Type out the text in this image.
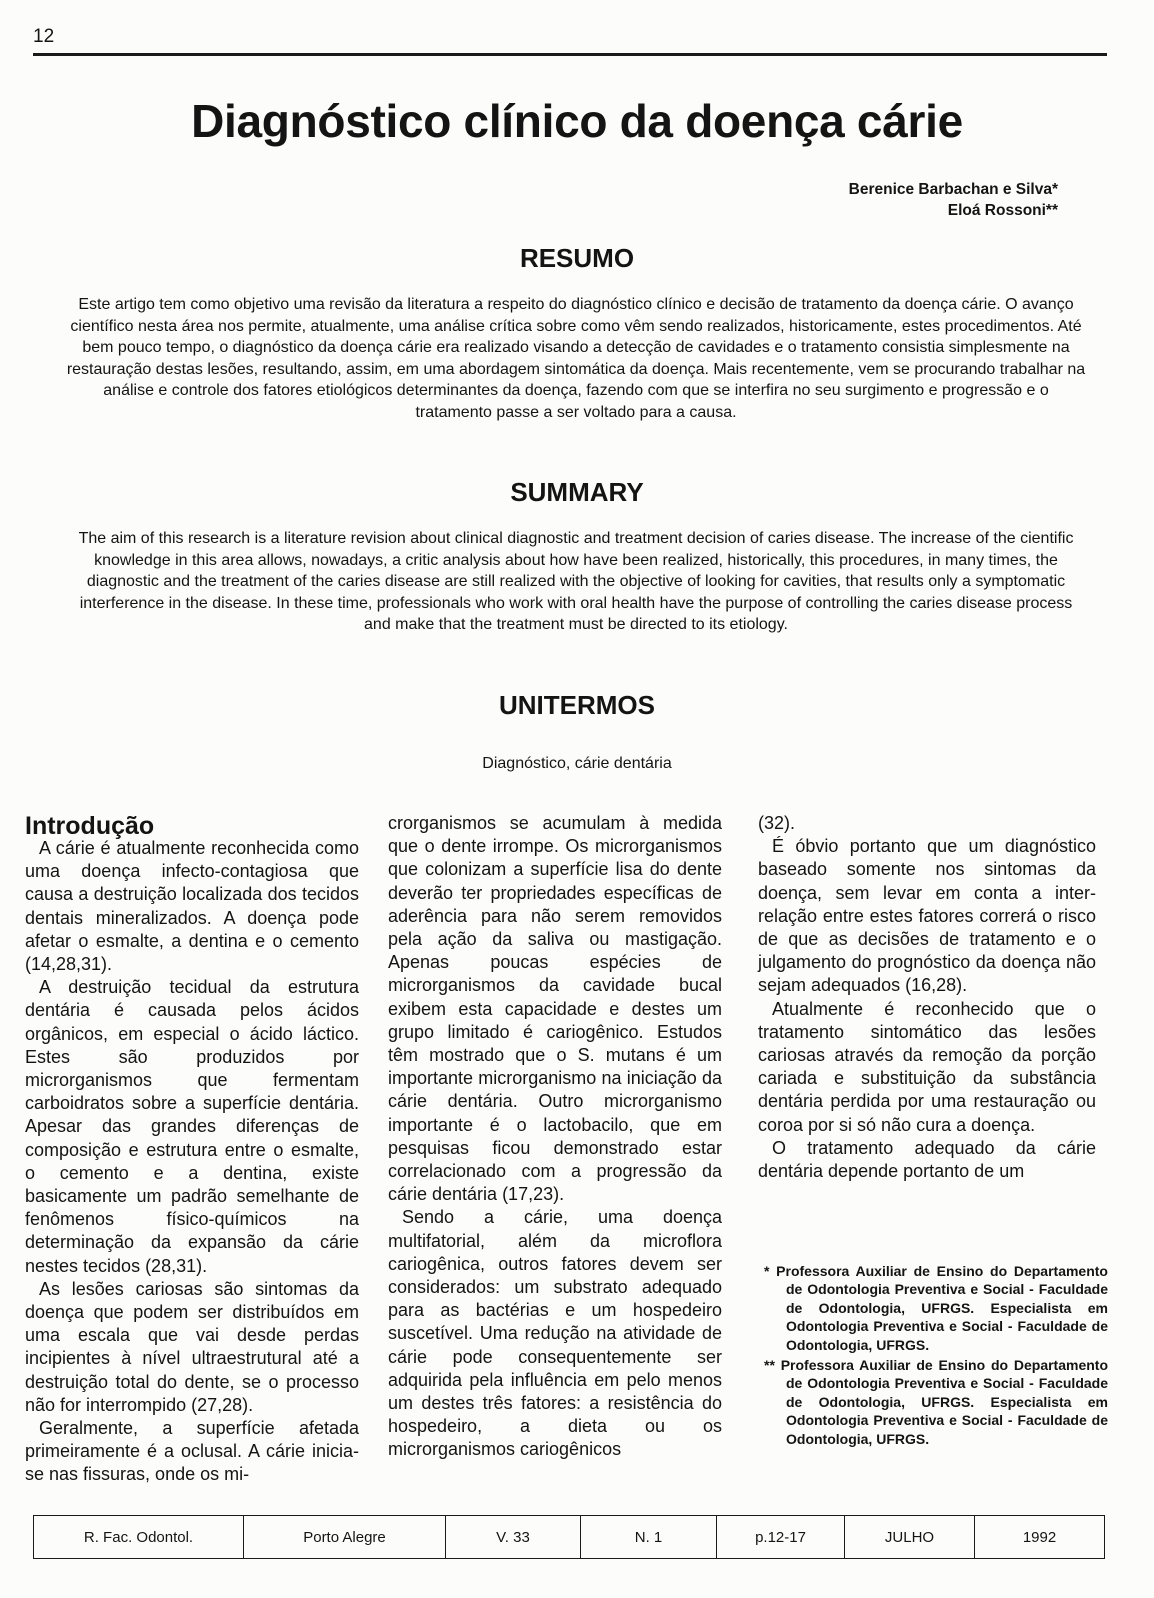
12
Diagnóstico clínico da doença cárie
Berenice Barbachan e Silva*
Eloá Rossoni**
RESUMO

Este artigo tem como objetivo uma revisão da literatura a respeito do diagnóstico clínico e decisão de tratamento da doença cárie. O avanço científico nesta área nos permite, atualmente, uma análise crítica sobre como vêm sendo realizados, historicamente, estes procedimentos. Até bem pouco tempo, o diagnóstico da doença cárie era realizado visando a detecção de cavidades e o tratamento consistia simplesmente na restauração destas lesões, resultando, assim, em uma abordagem sintomática da doença. Mais recentemente, vem se procurando trabalhar na análise e controle dos fatores etiológicos determinantes da doença, fazendo com que se interfira no seu surgimento e progressão e o tratamento passe a ser voltado para a causa.

SUMMARY

The aim of this research is a literature revision about clinical diagnostic and treatment decision of caries disease. The increase of the cientific knowledge in this area allows, nowadays, a critic analysis about how have been realized, historically, this procedures, in many times, the diagnostic and the treatment of the caries disease are still realized with the objective of looking for cavities, that results only a symptomatic interference in the disease. In these time, professionals who work with oral health have the purpose of controlling the caries disease process and make that the treatment must be directed to its etiology.

UNITERMOS
Diagnóstico, cárie dentária
Introdução

A cárie é atualmente reconhecida como uma doença infecto-contagiosa que causa a destruição localizada dos tecidos dentais mineralizados. A doença pode afetar o esmalte, a dentina e o cemento (14,28,31).

A destruição tecidual da estrutura dentária é causada pelos ácidos orgânicos, em especial o ácido láctico. Estes são produzidos por microrganismos que fermentam carboidratos sobre a superfície dentária. Apesar das grandes diferenças de composição e estrutura entre o esmalte, o cemento e a dentina, existe basicamente um padrão semelhante de fenômenos físico-químicos na determinação da expansão da cárie nestes tecidos (28,31).

As lesões cariosas são sintomas da doença que podem ser distribuídos em uma escala que vai desde perdas incipientes à nível ultraestrutural até a destruição total do dente, se o processo não for interrompido (27,28).

Geralmente, a superfície afetada primeiramente é a oclusal. A cárie inicia-se nas fissuras, onde os mi-

crorganismos se acumulam à medida que o dente irrompe. Os microrganismos que colonizam a superfície lisa do dente deverão ter propriedades específicas de aderência para não serem removidos pela ação da saliva ou mastigação. Apenas poucas espécies de microrganismos da cavidade bucal exibem esta capacidade e destes um grupo limitado é cariogênico. Estudos têm mostrado que o S. mutans é um importante microrganismo na iniciação da cárie dentária. Outro microrganismo importante é o lactobacilo, que em pesquisas ficou demonstrado estar correlacionado com a progressão da cárie dentária (17,23).

Sendo a cárie, uma doença multifatorial, além da microflora cariogênica, outros fatores devem ser considerados: um substrato adequado para as bactérias e um hospedeiro suscetível. Uma redução na atividade de cárie pode consequentemente ser adquirida pela influência em pelo menos um destes três fatores: a resistência do hospedeiro, a dieta ou os microrganismos cariogênicos

(32).

É óbvio portanto que um diagnóstico baseado somente nos sintomas da doença, sem levar em conta a inter-relação entre estes fatores correrá o risco de que as decisões de tratamento e o julgamento do prognóstico da doença não sejam adequados (16,28).

Atualmente é reconhecido que o tratamento sintomático das lesões cariosas através da remoção da porção cariada e substituição da substância dentária perdida por uma restauração ou coroa por si só não cura a doença.

O tratamento adequado da cárie dentária depende portanto de um

* Professora Auxiliar de Ensino do Departamento de Odontologia Preventiva e Social - Faculdade de Odontologia, UFRGS. Especialista em Odontologia Preventiva e Social - Faculdade de Odontologia, UFRGS.

** Professora Auxiliar de Ensino do Departamento de Odontologia Preventiva e Social - Faculdade de Odontologia, UFRGS. Especialista em Odontologia Preventiva e Social - Faculdade de Odontologia, UFRGS.

R. Fac. Odontol.	Porto Alegre	V. 33	N. 1	p.12-17	JULHO	1992
